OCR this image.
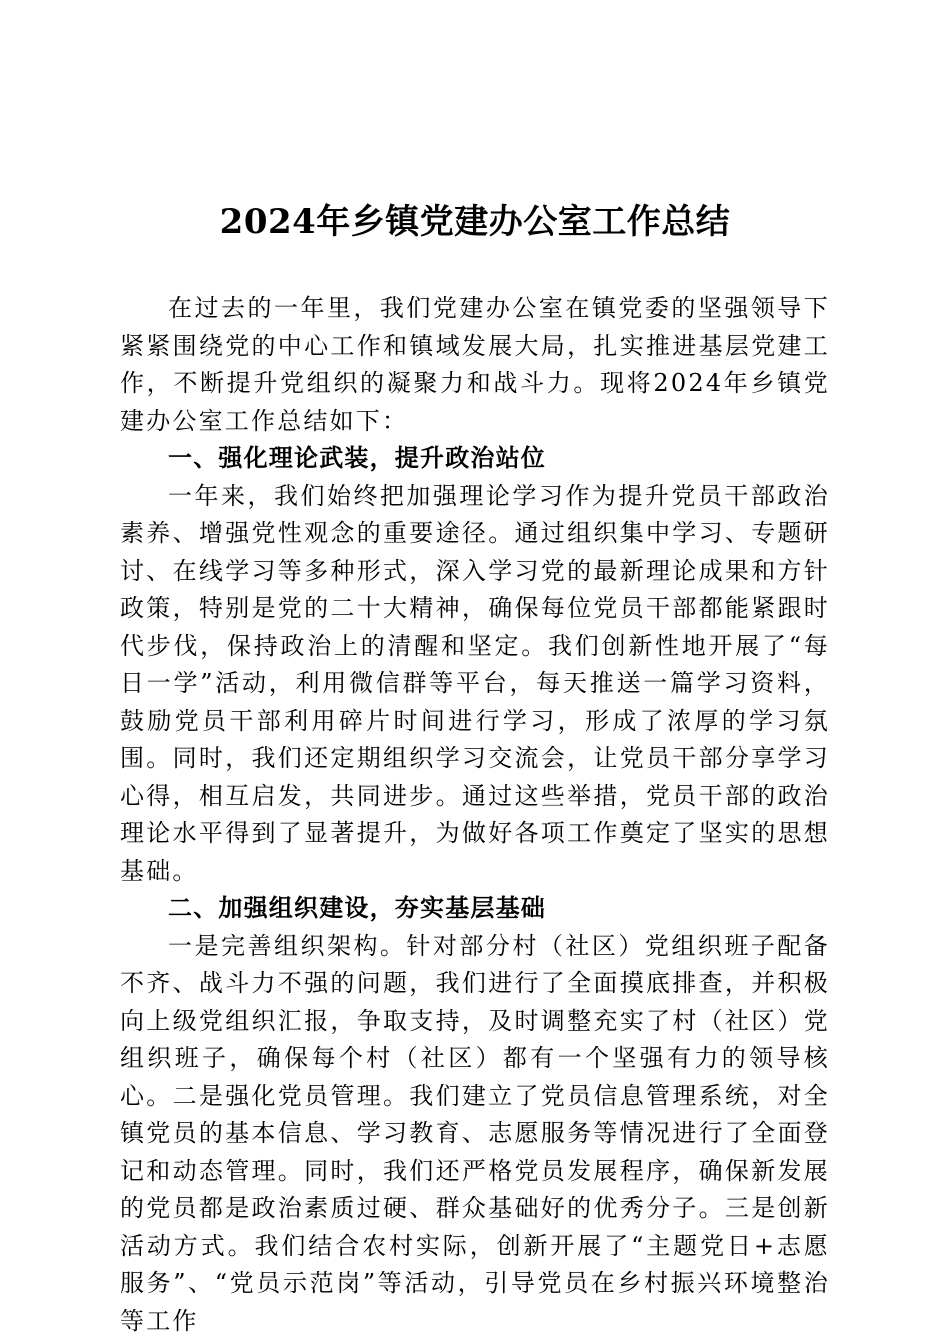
2024年乡镇党建办公室工作总结

在过去的一年里，我们党建办公室在镇党委的坚强领导下紧紧围绕党的中心工作和镇域发展大局，扎实推进基层党建工作，不断提升党组织的凝聚力和战斗力。现将2024年乡镇党建办公室工作总结如下：

一、强化理论武装，提升政治站位

一年来，我们始终把加强理论学习作为提升党员干部政治素养、增强党性观念的重要途径。通过组织集中学习、专题研讨、在线学习等多种形式，深入学习党的最新理论成果和方针政策，特别是党的二十大精神，确保每位党员干部都能紧跟时代步伐，保持政治上的清醒和坚定。我们创新性地开展了“每日一学”活动，利用微信群等平台，每天推送一篇学习资料，鼓励党员干部利用碎片时间进行学习，形成了浓厚的学习氛围。同时，我们还定期组织学习交流会，让党员干部分享学习心得，相互启发，共同进步。通过这些举措，党员干部的政治理论水平得到了显著提升，为做好各项工作奠定了坚实的思想基础。

二、加强组织建设，夯实基层基础

一是完善组织架构。针对部分村（社区）党组织班子配备不齐、战斗力不强的问题，我们进行了全面摸底排查，并积极向上级党组织汇报，争取支持，及时调整充实了村（社区）党组织班子，确保每个村（社区）都有一个坚强有力的领导核心。二是强化党员管理。我们建立了党员信息管理系统，对全镇党员的基本信息、学习教育、志愿服务等情况进行了全面登记和动态管理。同时，我们还严格党员发展程序，确保新发展的党员都是政治素质过硬、群众基础好的优秀分子。三是创新活动方式。我们结合农村实际，创新开展了“主题党日+志愿服务”、“党员示范岗”等活动，引导党员在乡村振兴环境整治等工作
